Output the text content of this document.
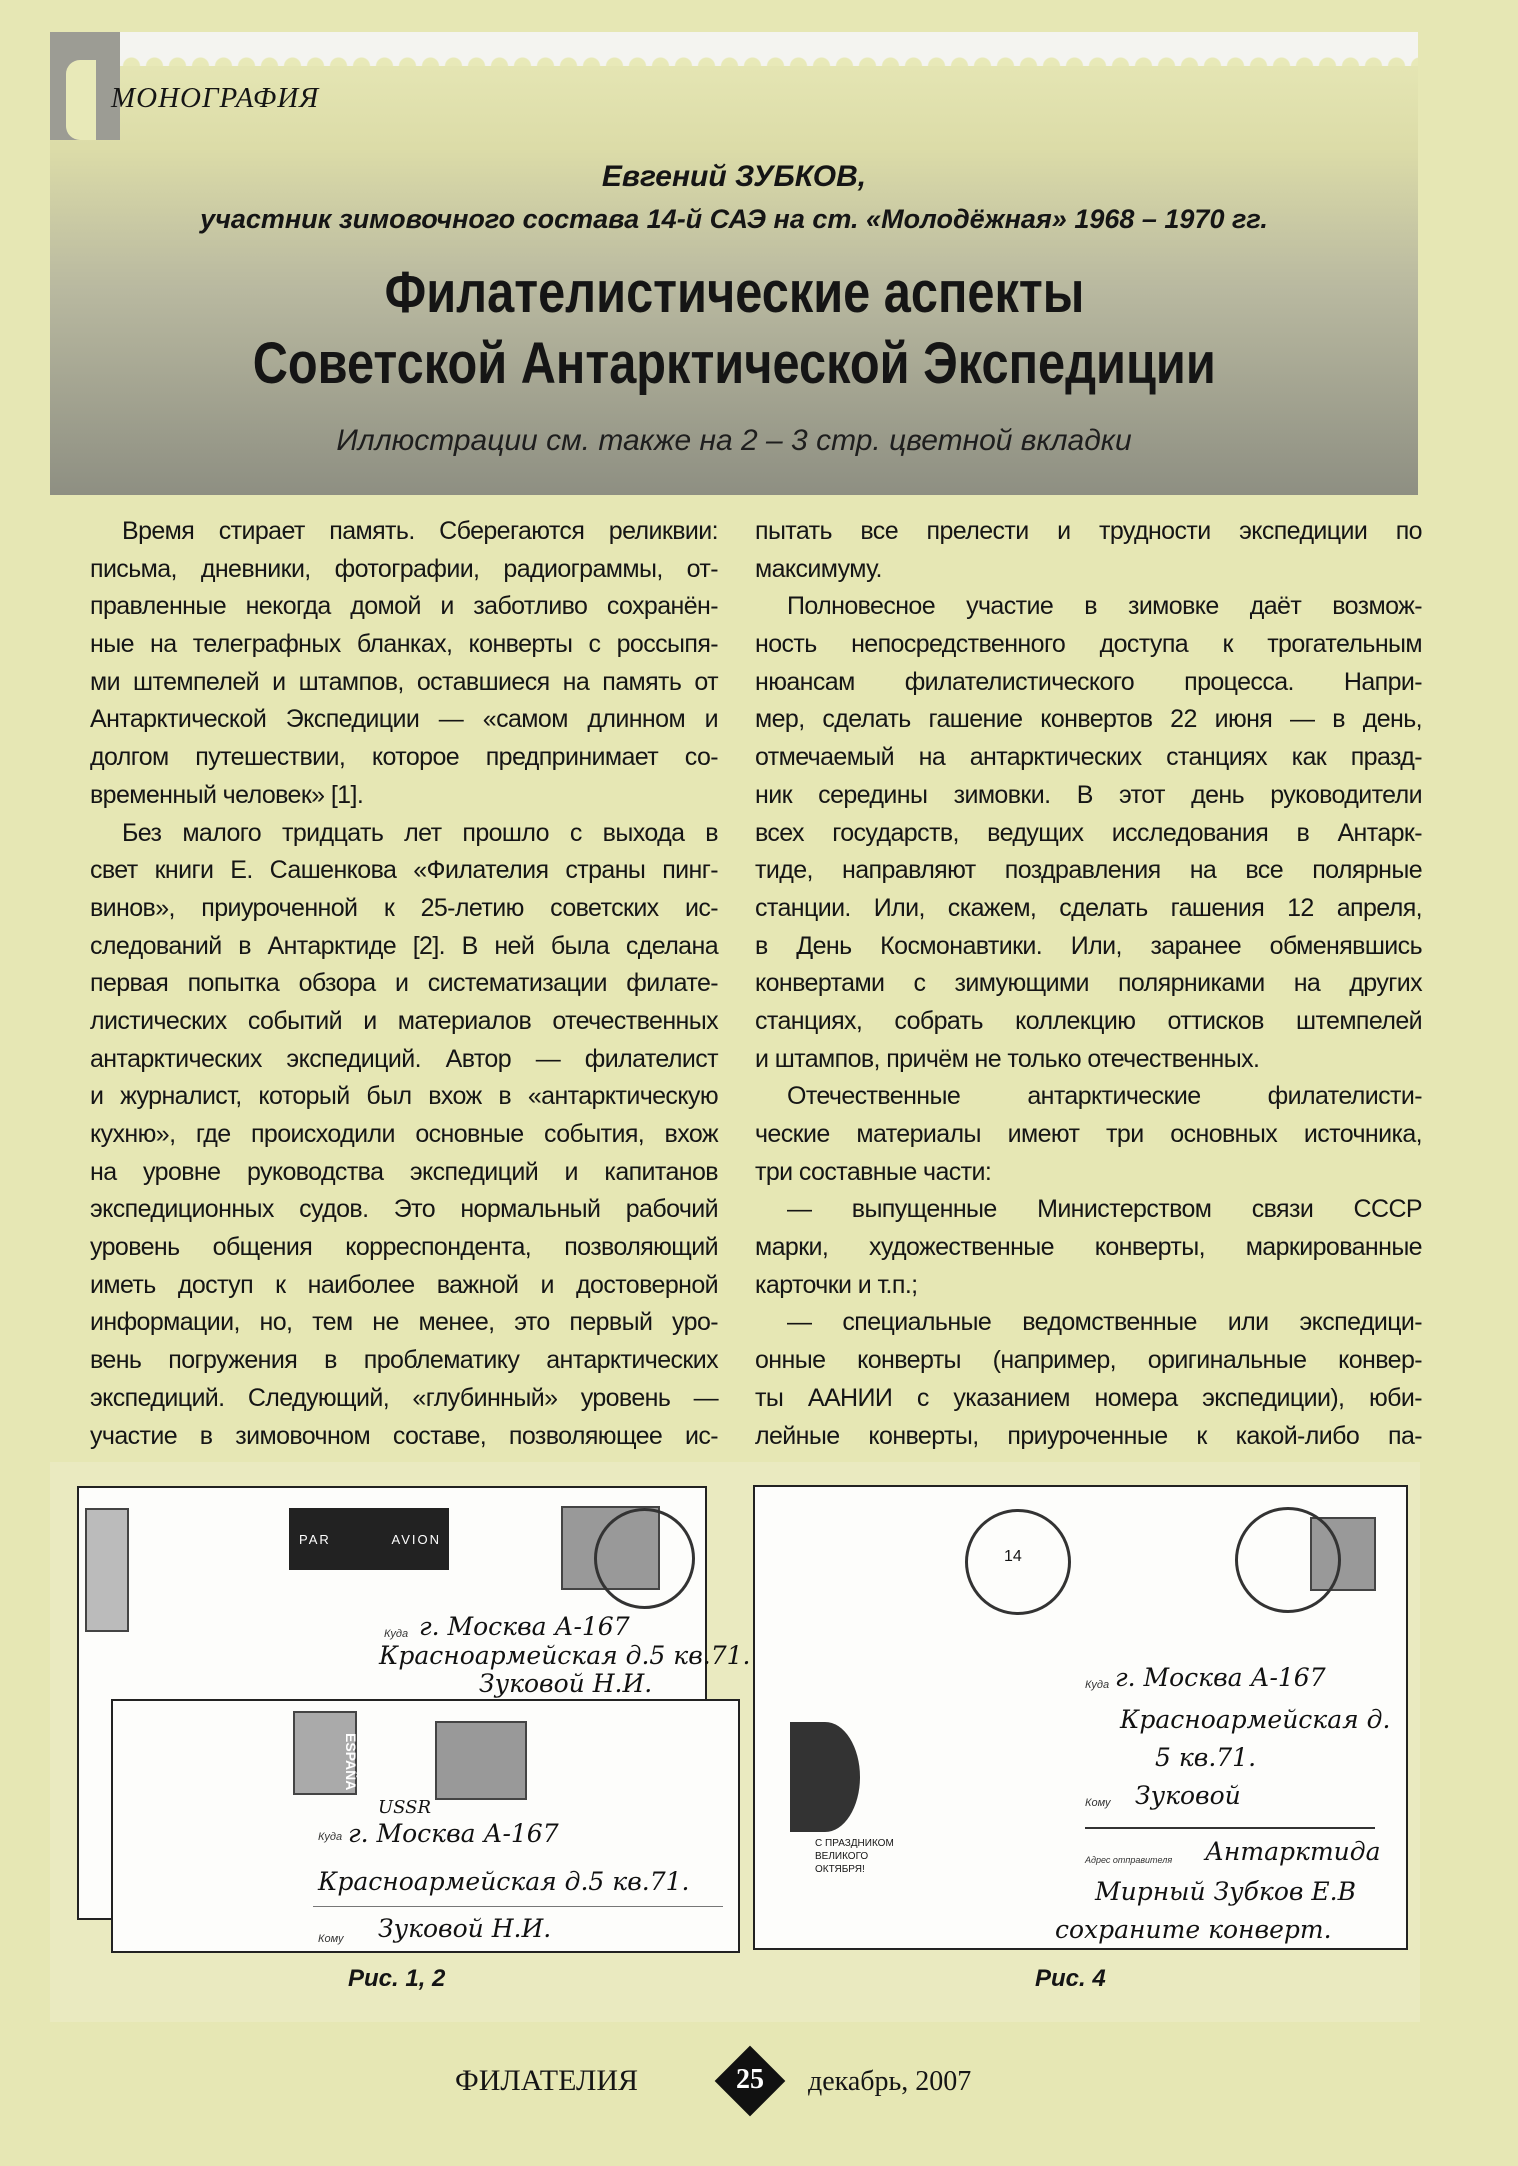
МОНОГРАФИЯ
Евгений ЗУБКОВ,
участник зимовочного состава 14-й САЭ на ст. «Молодёжная» 1968 – 1970 гг.
Филателистические аспекты
Советской Антарктической Экспедиции
Иллюстрации см. также на 2 – 3 стр. цветной вкладки
Время стирает память. Сберегаются реликвии:
письма, дневники, фотографии, радиограммы, от-
правленные некогда домой и заботливо сохранён-
ные на телеграфных бланках, конверты с россыпя-
ми штемпелей и штампов, оставшиеся на память от
Антарктической Экспедиции — «самом длинном и
долгом путешествии, которое предпринимает со-
временный человек» [1].
Без малого тридцать лет прошло с выхода в
свет книги Е. Сашенкова «Филателия страны пинг-
винов», приуроченной к 25-летию советских ис-
следований в Антарктиде [2]. В ней была сделана
первая попытка обзора и систематизации филате-
листических событий и материалов отечественных
антарктических экспедиций. Автор — филателист
и журналист, который был вхож в «антарктическую
кухню», где происходили основные события, вхож
на уровне руководства экспедиций и капитанов
экспедиционных судов. Это нормальный рабочий
уровень общения корреспондента, позволяющий
иметь доступ к наиболее важной и достоверной
информации, но, тем не менее, это первый уро-
вень погружения в проблематику антарктических
экспедиций. Следующий, «глубинный» уровень —
участие в зимовочном составе, позволяющее ис-
пытать все прелести и трудности экспедиции по
максимуму.
Полновесное участие в зимовке даёт возмож-
ность непосредственного доступа к трогательным
нюансам филателистического процесса. Напри-
мер, сделать гашение конвертов 22 июня — в день,
отмечаемый на антарктических станциях как празд-
ник середины зимовки. В этот день руководители
всех государств, ведущих исследования в Антарк-
тиде, направляют поздравления на все полярные
станции. Или, скажем, сделать гашения 12 апреля,
в День Космонавтики. Или, заранее обменявшись
конвертами с зимующими полярниками на других
станциях, собрать коллекцию оттисков штемпелей
и штампов, причём не только отечественных.
Отечественные антарктические филателисти-
ческие материалы имеют три основных источника,
три составные части:
— выпущенные Министерством связи СССР
марки, художественные конверты, маркированные
карточки и т.п.;
— специальные ведомственные или экспедици-
онные конверты (например, оригинальные конвер-
ты ААНИИ с указанием номера экспедиции), юби-
лейные конверты, приуроченные к какой-либо па-
PAR	AVION
Куда г. Москва А-167
Красноармейская д.5 кв.71.
Зуковой Н.И.
ESPAÑA
USSR
Куда г. Москва А-167
Красноармейская д.5 кв.71.
Кому Зуковой Н.И.
14
С ПРАЗДНИКОМ
ВЕЛИКОГО
ОКТЯБРЯ!
Куда г. Москва А-167
Красноармейская д.
5 кв.71.
Кому Зуковой
Адрес отправителя Антарктида
Мирный Зубков Е.В
сохраните конверт.
Рис. 1, 2	Рис. 4
ФИЛАТЕЛИЯ	25	декабрь, 2007
